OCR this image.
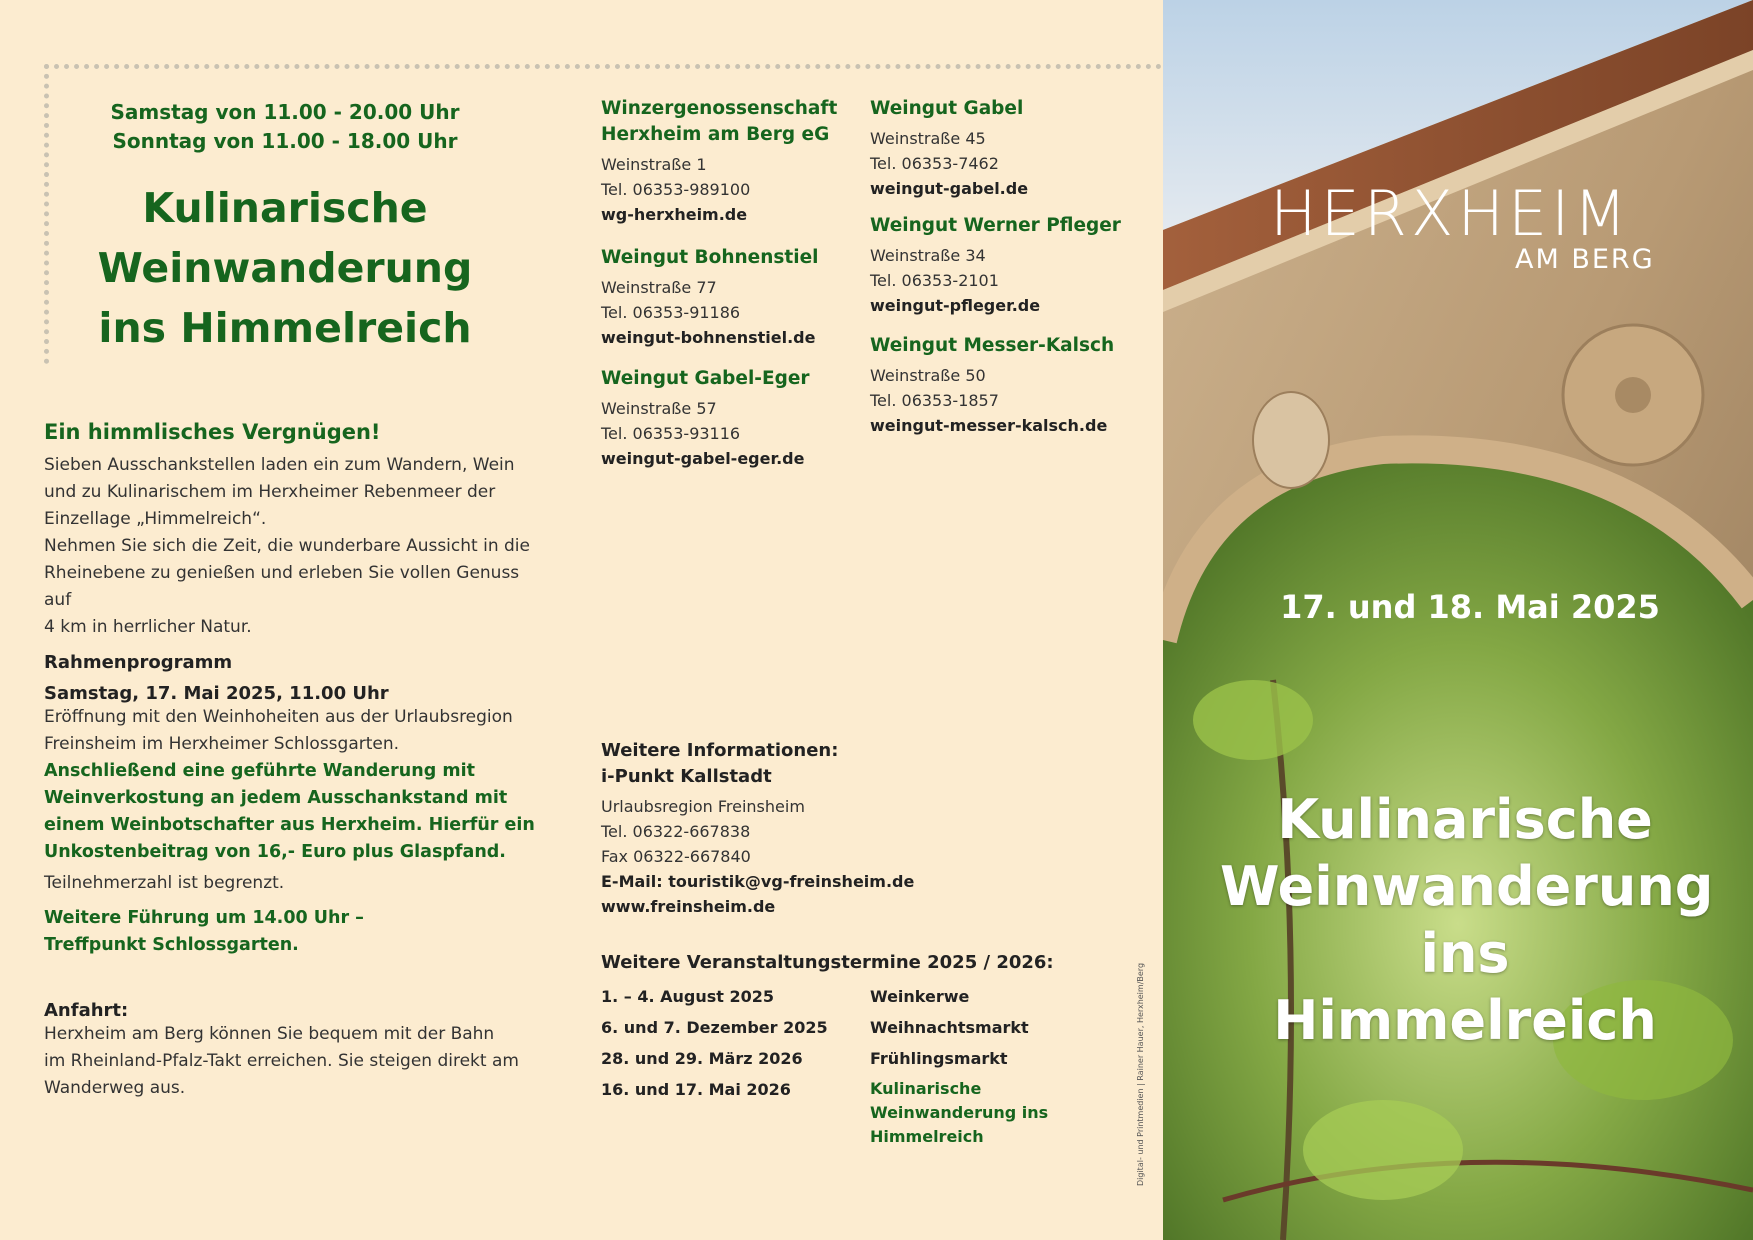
Samstag von 11.00 - 20.00 Uhr
Sonntag von 11.00 - 18.00 Uhr
Kulinarische
Weinwanderung
ins Himmelreich
Ein himmlisches Vergnügen!
Sieben Ausschankstellen laden ein zum Wandern, Wein
und zu Kulinarischem im Herxheimer Rebenmeer der
Einzellage „Himmelreich“.
Nehmen Sie sich die Zeit, die wunderbare Aussicht in die
Rheinebene zu genießen und erleben Sie vollen Genuss auf
4 km in herrlicher Natur.
Rahmenprogramm
Samstag, 17. Mai 2025, 11.00 Uhr
Eröffnung mit den Weinhoheiten aus der Urlaubsregion
Freinsheim im Herxheimer Schlossgarten.
Anschließend eine geführte Wanderung mit
Weinverkostung an jedem Ausschankstand mit
einem Weinbotschafter aus Herxheim. Hierfür ein
Unkostenbeitrag von 16,- Euro plus Glaspfand.
Teilnehmerzahl ist begrenzt.
Weitere Führung um 14.00 Uhr –
Treffpunkt Schlossgarten.
Anfahrt:
Herxheim am Berg können Sie bequem mit der Bahn
im Rheinland-Pfalz-Takt erreichen. Sie steigen direkt am
Wanderweg aus.
Winzergenossenschaft
Herxheim am Berg eG
Weinstraße 1
Tel. 06353-989100
wg-herxheim.de
Weingut Bohnenstiel
Weinstraße 77
Tel. 06353-91186
weingut-bohnenstiel.de
Weingut Gabel-Eger
Weinstraße 57
Tel. 06353-93116
weingut-gabel-eger.de
Weingut Gabel
Weinstraße 45
Tel. 06353-7462
weingut-gabel.de
Weingut Werner Pfleger
Weinstraße 34
Tel. 06353-2101
weingut-pfleger.de
Weingut Messer-Kalsch
Weinstraße 50
Tel. 06353-1857
weingut-messer-kalsch.de
Weitere Informationen:
i-Punkt Kallstadt
Urlaubsregion Freinsheim
Tel. 06322-667838
Fax 06322-667840
E-Mail: touristik@vg-freinsheim.de
www.freinsheim.de
Weitere Veranstaltungstermine 2025 / 2026:
1. – 4. August 2025	Weinkerwe
6. und 7. Dezember 2025	Weihnachtsmarkt
28. und 29. März 2026	Frühlingsmarkt
16. und 17. Mai 2026	Kulinarische Weinwanderung ins Himmelreich	Digital- und Printmedien | Rainer Hauer, Herxheim/Berg
HERXHEIM
AM BERG
17. und 18. Mai 2025
Kulinarische
Weinwanderung
ins Himmelreich
